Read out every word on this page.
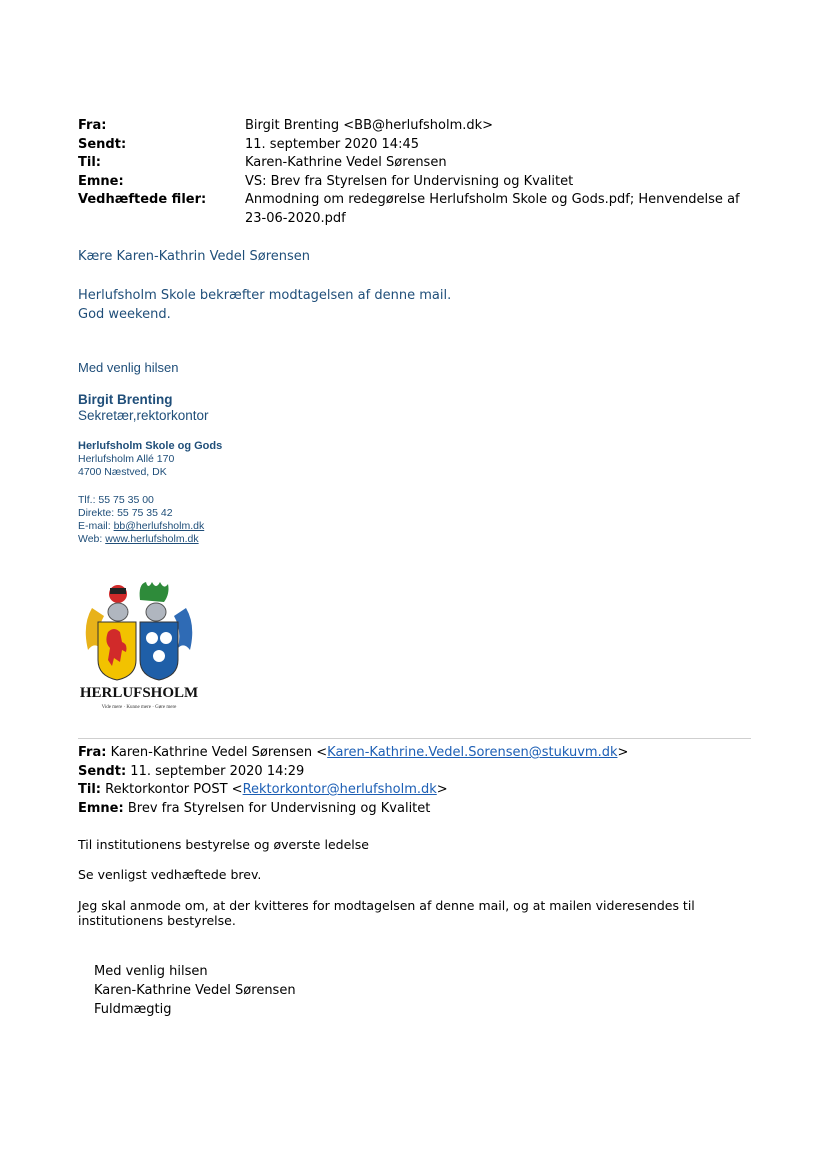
Fra:	Birgit Brenting <BB@herlufsholm.dk>
Sendt:	11. september 2020 14:45
Til:	Karen-Kathrine Vedel Sørensen
Emne:	VS: Brev fra Styrelsen for Undervisning og Kvalitet
Vedhæftede filer:	Anmodning om redegørelse Herlufsholm Skole og Gods.pdf; Henvendelse af 23-06-2020.pdf
Kære Karen-Kathrin Vedel Sørensen
Herlufsholm Skole bekræfter modtagelsen af denne mail.
God weekend.
Med venlig hilsen
Birgit Brenting
Sekretær,rektorkontor
Herlufsholm Skole og Gods
Herlufsholm Allé 170
4700 Næstved, DK
Tlf.: 55 75 35 00
Direkte: 55 75 35 42
E-mail: bb@herlufsholm.dk
Web: www.herlufsholm.dk
HERLUFSHOLM
Vide mere · Kunne mere · Gøre mere
Fra: Karen-Kathrine Vedel Sørensen <Karen-Kathrine.Vedel.Sorensen@stukuvm.dk>
Sendt: 11. september 2020 14:29
Til: Rektorkontor POST <Rektorkontor@herlufsholm.dk>
Emne: Brev fra Styrelsen for Undervisning og Kvalitet
Til institutionens bestyrelse og øverste ledelse
Se venligst vedhæftede brev.
Jeg skal anmode om, at der kvitteres for modtagelsen af denne mail, og at mailen videresendes til institutionens bestyrelse.
Med venlig hilsen
Karen-Kathrine Vedel Sørensen
Fuldmægtig
